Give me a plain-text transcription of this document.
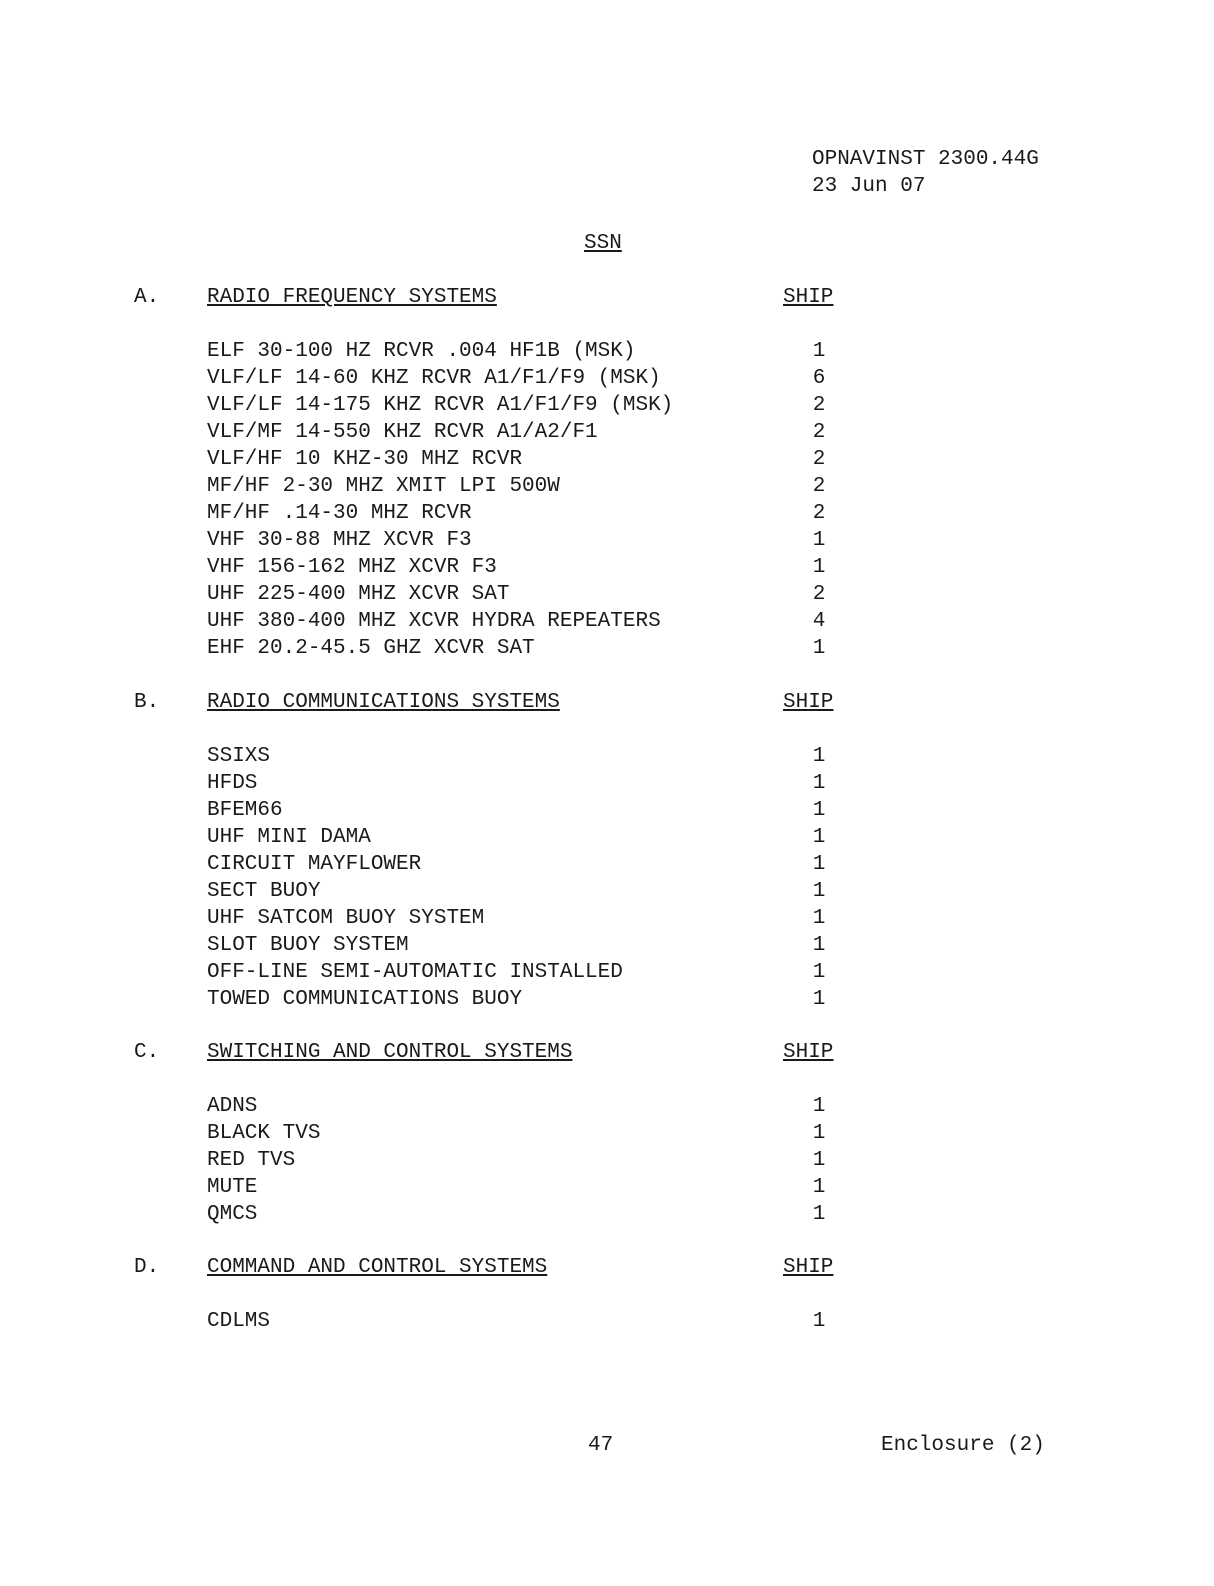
OPNAVINST 2300.44G
23 Jun 07
SSN
A. RADIO FREQUENCY SYSTEMS	SHIP
ELF 30-100 HZ RCVR .004 HF1B (MSK)	1
VLF/LF 14-60 KHZ RCVR A1/F1/F9 (MSK)	6
VLF/LF 14-175 KHZ RCVR A1/F1/F9 (MSK)	2
VLF/MF 14-550 KHZ RCVR A1/A2/F1	2
VLF/HF 10 KHZ-30 MHZ RCVR	2
MF/HF 2-30 MHZ XMIT LPI 500W	2
MF/HF .14-30 MHZ RCVR	2
VHF 30-88 MHZ XCVR F3	1
VHF 156-162 MHZ XCVR F3	1
UHF 225-400 MHZ XCVR SAT	2
UHF 380-400 MHZ XCVR HYDRA REPEATERS	4
EHF 20.2-45.5 GHZ XCVR SAT	1
B. RADIO COMMUNICATIONS SYSTEMS	SHIP
SSIXS	1
HFDS	1
BFEM66	1
UHF MINI DAMA	1
CIRCUIT MAYFLOWER	1
SECT BUOY	1
UHF SATCOM BUOY SYSTEM	1
SLOT BUOY SYSTEM	1
OFF-LINE SEMI-AUTOMATIC INSTALLED	1
TOWED COMMUNICATIONS BUOY	1
C. SWITCHING AND CONTROL SYSTEMS	SHIP
ADNS	1
BLACK TVS	1
RED TVS	1
MUTE	1
QMCS	1
D. COMMAND AND CONTROL SYSTEMS	SHIP
CDLMS	1
47	Enclosure (2)
